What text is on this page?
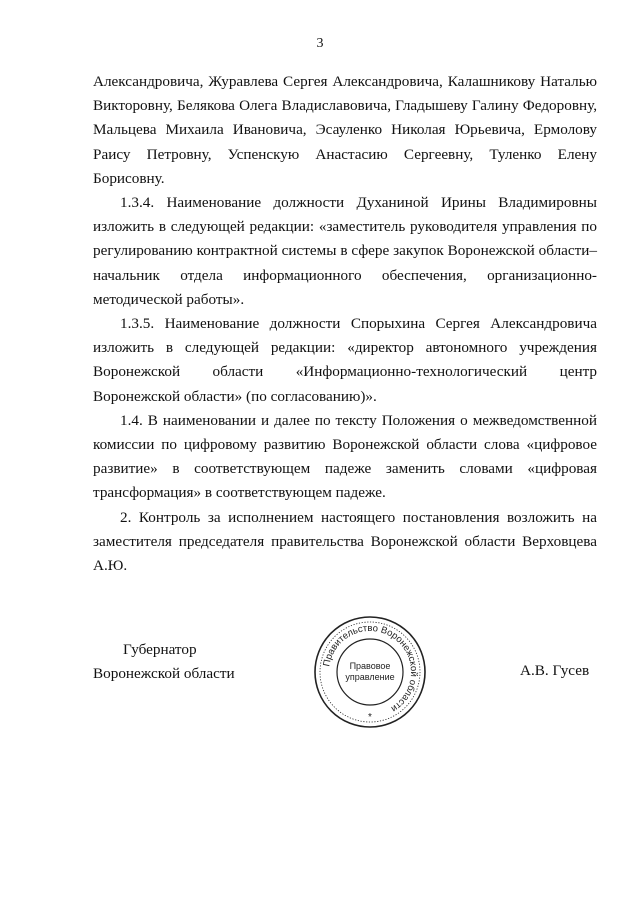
3

Александровича, Журавлева Сергея Александровича, Калашникову Наталью Викторовну, Белякова Олега Владиславовича, Гладышеву Галину Федоровну, Мальцева Михаила Ивановича, Эсауленко Николая Юрьевича, Ермолову Раису Петровну, Успенскую Анастасию Сергеевну, Туленко Елену Борисовну.

1.3.4. Наименование должности Духаниной Ирины Владимировны изложить в следующей редакции: «заместитель руководителя управления по регулированию контрактной системы в сфере закупок Воронежской области– начальник отдела информационного обеспечения, организационно-методической работы».

1.3.5. Наименование должности Спорыхина Сергея Александровича изложить в следующей редакции: «директор автономного учреждения Воронежской области «Информационно-технологический центр Воронежской области» (по согласованию)».

1.4. В наименовании и далее по тексту Положения о межведомственной комиссии по цифровому развитию Воронежской области слова «цифровое развитие» в соответствующем падеже заменить словами «цифровая трансформация» в соответствующем падеже.

2. Контроль за исполнением настоящего постановления возложить на заместителя председателя правительства Воронежской области Верховцева А.Ю.

Губернатор
Воронежской области	А.В. Гусев
Правительство Воронежской области
Правовое
управление
*
